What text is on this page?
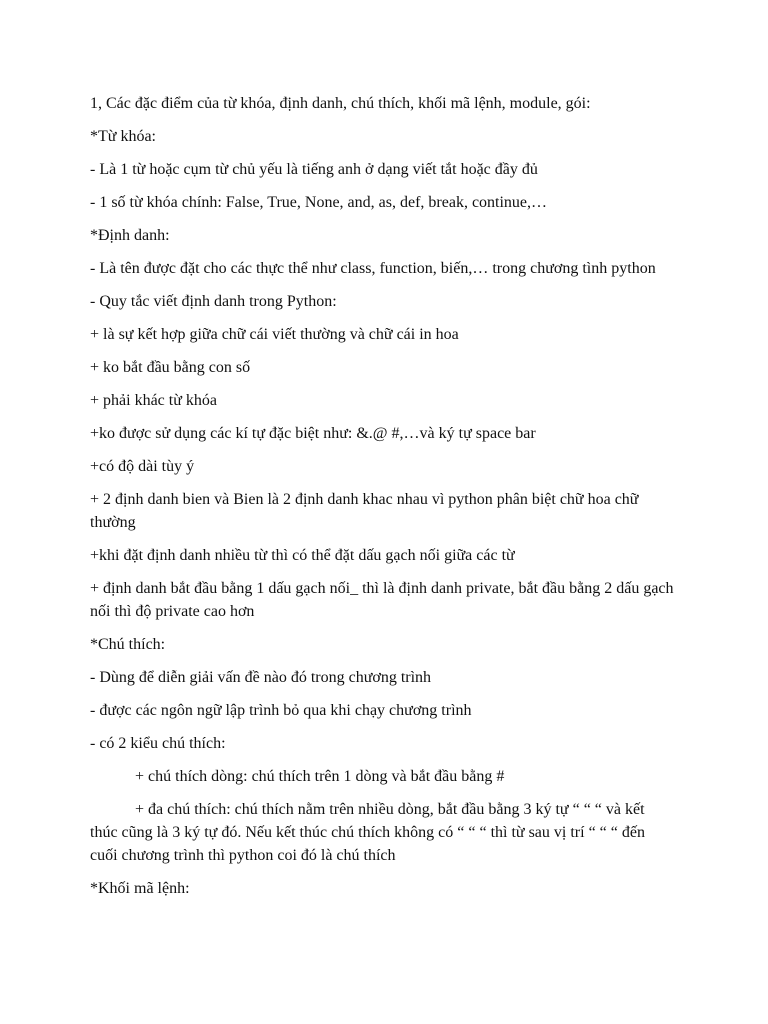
1, Các đặc điểm của từ khóa, định danh, chú thích, khối mã lệnh, module, gói:

*Từ khóa:

- Là 1 từ hoặc cụm từ chủ yếu là tiếng anh ở dạng viết tắt hoặc đầy đủ

- 1 số từ khóa chính: False, True, None, and, as, def, break, continue,…

*Định danh:

- Là tên được đặt cho các thực thể như class, function, biến,… trong chương tình python

- Quy tắc viết định danh trong Python:

+ là sự kết hợp giữa chữ cái viết thường và chữ cái in hoa

+ ko bắt đầu bằng con số

+ phải khác từ khóa

+ko được sử dụng các kí tự đặc biệt như: &.@ #,…và ký tự space bar

+có độ dài tùy ý

+ 2 định danh bien và Bien là 2 định danh khac nhau vì python phân biệt chữ hoa chữ thường

+khi đặt định danh nhiều từ thì có thể đặt dấu gạch nối giữa các từ

+ định danh bắt đầu bằng 1 dấu gạch nối_ thì là định danh private, bắt đầu bằng 2 dấu gạch nối thì độ private cao hơn

*Chú thích:

- Dùng để diễn giải vấn đề nào đó trong chương trình

- được các ngôn ngữ lập trình bỏ qua khi chạy chương trình

- có 2 kiểu chú thích:

+ chú thích dòng: chú thích trên 1 dòng và bắt đầu bằng #

+ đa chú thích: chú thích nằm trên nhiều dòng, bắt đầu bằng 3 ký tự “ “ “ và kết thúc cũng là 3 ký tự đó. Nếu kết thúc chú thích không có “ “ “ thì từ sau vị trí “ “ “ đến cuối chương trình thì python coi đó là chú thích

*Khối mã lệnh:
